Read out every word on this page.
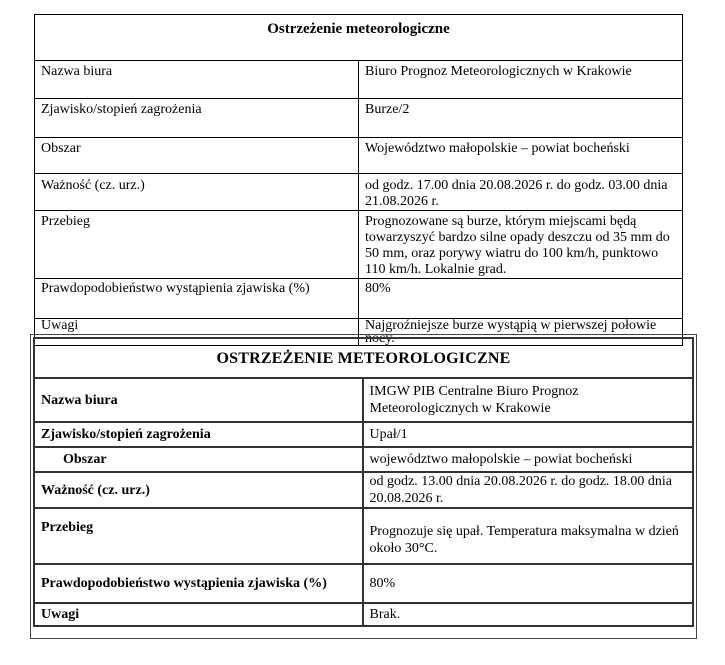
Ostrzeżenie meteorologiczne	
Nazwa biura	Biuro Prognoz Meteorologicznych w Krakowie
Zjawisko/stopień zagrożenia	Burze/2
Obszar	Województwo małopolskie – powiat bocheński
Ważność (cz. urz.)	od godz. 17.00 dnia 20.08.2026 r. do godz. 03.00 dnia 21.08.2026 r.
Przebieg	Prognozowane są burze, którym miejscami będą towarzyszyć bardzo silne opady deszczu od 35 mm do 50 mm, oraz porywy wiatru do 100 km/h, punktowo 110 km/h. Lokalnie grad.
Prawdopodobieństwo wystąpienia zjawiska (%)	80%
Uwagi	Najgroźniejsze burze wystąpią w pierwszej połowie nocy.
OSTRZEŻENIE METEOROLOGICZNE	
Nazwa biura	IMGW PIB Centralne Biuro Prognoz Meteorologicznych w Krakowie
Zjawisko/stopień zagrożenia	Upał/1
Obszar	województwo małopolskie – powiat bocheński
Ważność (cz. urz.)	od godz. 13.00 dnia 20.08.2026 r. do godz. 18.00 dnia 20.08.2026 r.
Przebieg	Prognozuje się upał. Temperatura maksymalna w dzień około 30°C.
Prawdopodobieństwo wystąpienia zjawiska (%)	80%
Uwagi	Brak.
